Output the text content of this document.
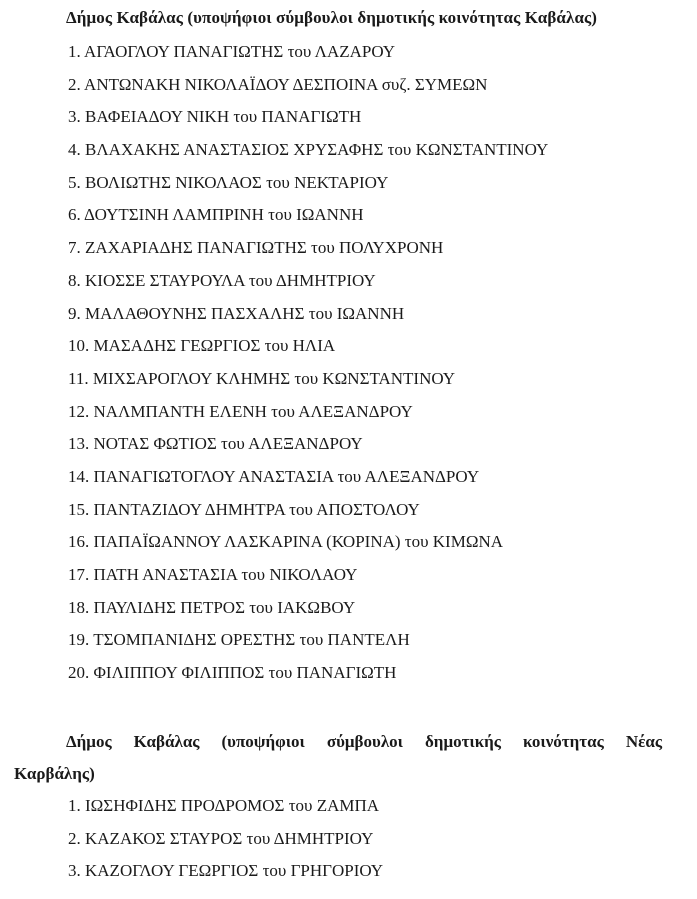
Δήμος Καβάλας (υποψήφιοι σύμβουλοι δημοτικής κοινότητας Καβάλας)
1. ΑΓΑΟΓΛΟΥ ΠΑΝΑΓΙΩΤΗΣ του ΛΑΖΑΡΟΥ
2. ΑΝΤΩΝΑΚΗ ΝΙΚΟΛΑΪΔΟΥ ΔΕΣΠΟΙΝΑ συζ. ΣΥΜΕΩΝ
3. ΒΑΦΕΙΑΔΟΥ ΝΙΚΗ του ΠΑΝΑΓΙΩΤΗ
4. ΒΛΑΧΑΚΗΣ ΑΝΑΣΤΑΣΙΟΣ ΧΡΥΣΑΦΗΣ του ΚΩΝΣΤΑΝΤΙΝΟΥ
5. ΒΟΛΙΩΤΗΣ ΝΙΚΟΛΑΟΣ του ΝΕΚΤΑΡΙΟΥ
6. ΔΟΥΤΣΙΝΗ ΛΑΜΠΡΙΝΗ του ΙΩΑΝΝΗ
7. ΖΑΧΑΡΙΑΔΗΣ ΠΑΝΑΓΙΩΤΗΣ του ΠΟΛΥΧΡΟΝΗ
8. ΚΙΟΣΣΕ ΣΤΑΥΡΟΥΛΑ του ΔΗΜΗΤΡΙΟΥ
9. ΜΑΛΑΘΟΥΝΗΣ ΠΑΣΧΑΛΗΣ του ΙΩΑΝΝΗ
10. ΜΑΣΑΔΗΣ ΓΕΩΡΓΙΟΣ του ΗΛΙΑ
11. ΜΙΧΣΑΡΟΓΛΟΥ ΚΛΗΜΗΣ του ΚΩΝΣΤΑΝΤΙΝΟΥ
12. ΝΑΛΜΠΑΝΤΗ ΕΛΕΝΗ του ΑΛΕΞΑΝΔΡΟΥ
13. ΝΟΤΑΣ ΦΩΤΙΟΣ του ΑΛΕΞΑΝΔΡΟΥ
14. ΠΑΝΑΓΙΩΤΟΓΛΟΥ ΑΝΑΣΤΑΣΙΑ του ΑΛΕΞΑΝΔΡΟΥ
15. ΠΑΝΤΑΖΙΔΟΥ ΔΗΜΗΤΡΑ του ΑΠΟΣΤΟΛΟΥ
16. ΠΑΠΑΪΩΑΝΝΟΥ ΛΑΣΚΑΡΙΝΑ (ΚΟΡΙΝΑ) του ΚΙΜΩΝΑ
17. ΠΑΤΗ ΑΝΑΣΤΑΣΙΑ του ΝΙΚΟΛΑΟΥ
18. ΠΑΥΛΙΔΗΣ ΠΕΤΡΟΣ του ΙΑΚΩΒΟΥ
19. ΤΣΟΜΠΑΝΙΔΗΣ ΟΡΕΣΤΗΣ του ΠΑΝΤΕΛΗ
20. ΦΙΛΙΠΠΟΥ ΦΙΛΙΠΠΟΣ του ΠΑΝΑΓΙΩΤΗ
Δήμος Καβάλας (υποψήφιοι σύμβουλοι δημοτικής κοινότητας Νέας Καρβάλης)
1. ΙΩΣΗΦΙΔΗΣ ΠΡΟΔΡΟΜΟΣ του ΖΑΜΠΑ
2. ΚΑΖΑΚΟΣ ΣΤΑΥΡΟΣ του ΔΗΜΗΤΡΙΟΥ
3. ΚΑΖΟΓΛΟΥ ΓΕΩΡΓΙΟΣ του ΓΡΗΓΟΡΙΟΥ
